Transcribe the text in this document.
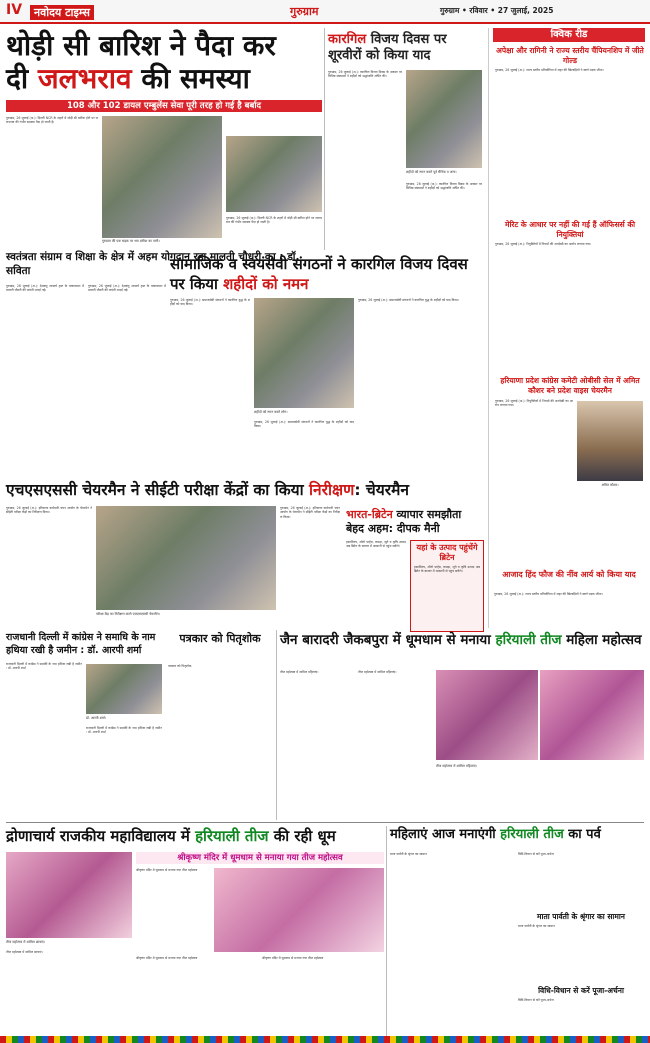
IV	नवोदय टाइम्स	गुरुग्राम	गुरुग्राम • रविवार • 27 जुलाई, 2025
थोड़ी सी बारिश ने पैदा कर
दी जलभराव की समस्या
108 और 102 डायल एम्बुलेंस सेवा पूरी तरह हो गई है बर्बाद
गुरुग्राम, 26 जुलाई (अ.): दिल्ली NCR के शहरों में थोड़ी सी बारिश होने पर जलभराव की गंभीर समस्या पैदा हो जाती है।
गुरुग्राम की एक सड़क पर भरा बारिश का पानी।
गुरुग्राम, 26 जुलाई (अ.): दिल्ली NCR के शहरों में थोड़ी सी बारिश होने पर जलभराव की गंभीर समस्या पैदा हो जाती है।
कारगिल विजय दिवस पर शूरवीरों को किया याद
गुरुग्राम, 26 जुलाई (अ.): कारगिल विजय दिवस के अवसर पर विभिन्न संस्थाओं ने शहीदों को श्रद्धांजलि अर्पित की।
शहीदों को नमन करते पूर्व सैनिक व अन्य।
गुरुग्राम, 26 जुलाई (अ.): कारगिल विजय दिवस के अवसर पर विभिन्न संस्थाओं ने शहीदों को श्रद्धांजलि अर्पित की।
स्वतंत्रता संग्राम व शिक्षा के क्षेत्र में अहम योगदान रहा मालती चौधरी का : डॉ. सविता
गुरुग्राम, 26 जुलाई (अ.): देशबंधु आचार्य ट्रस्ट के तत्वावधान में मालती चौधरी की जयंती मनाई गई।
गुरुग्राम, 26 जुलाई (अ.): देशबंधु आचार्य ट्रस्ट के तत्वावधान में मालती चौधरी की जयंती मनाई गई।
सामाजिक व स्वयंसेवी संगठनों ने कारगिल विजय दिवस पर किया शहीदों को नमन
गुरुग्राम, 26 जुलाई (अ.): समाजसेवी संगठनों ने कारगिल युद्ध के शहीदों को याद किया।
शहीदों को नमन करते लोग।
गुरुग्राम, 26 जुलाई (अ.): समाजसेवी संगठनों ने कारगिल युद्ध के शहीदों को याद किया।
गुरुग्राम, 26 जुलाई (अ.): समाजसेवी संगठनों ने कारगिल युद्ध के शहीदों को याद किया।
एचएसएससी चेयरमैन ने सीईटी परीक्षा केंद्रों का किया निरीक्षण: चेयरमैन
गुरुग्राम, 26 जुलाई (अ.): हरियाणा कर्मचारी चयन आयोग के चेयरमैन ने सीईटी परीक्षा केंद्रों का निरीक्षण किया।
परीक्षा केंद्र का निरीक्षण करते एचएसएससी चेयरमैन।
गुरुग्राम, 26 जुलाई (अ.): हरियाणा कर्मचारी चयन आयोग के चेयरमैन ने सीईटी परीक्षा केंद्रों का निरीक्षण किया।	भारत-ब्रिटेन व्यापार समझौता बेहद अहम: दीपक मैनी
हस्तशिल्प, ऑटो पार्ट्स, कपड़ा, जूते व कृषि उत्पाद अब ब्रिटेन के बाजार में आसानी से पहुंच सकेंगे।	यहां के उत्पाद पहुंचेंगे ब्रिटेन
हस्तशिल्प, ऑटो पार्ट्स, कपड़ा, जूते व कृषि उत्पाद अब ब्रिटेन के बाजार में आसानी से पहुंच सकेंगे।
राजधानी दिल्ली में कांग्रेस ने समाधि के नाम हथिया रखी है जमीन : डॉ. आरपी शर्मा
राजधानी दिल्ली में कांग्रेस ने समाधि के नाम हथिया रखी है जमीन : डॉ. आरपी शर्मा
डॉ. आरपी शर्मा।
राजधानी दिल्ली में कांग्रेस ने समाधि के नाम हथिया रखी है जमीन : डॉ. आरपी शर्मा
पत्रकार को पितृशोक
पत्रकार को पितृशोक
जैन बारादरी जैकबपुरा में धूमधाम से मनाया हरियाली तीज महिला महोत्सव
तीज महोत्सव में शामिल महिलाएं।	तीज महोत्सव में शामिल महिलाएं।
तीज महोत्सव में शामिल महिलाएं।
क्विक रीड
अपेक्षा और रागिनी ने राज्य स्तरीय चैंपियनशिप में जीते गोल्ड
गुरुग्राम, 26 जुलाई (अ.): राज्य स्तरीय प्रतियोगिता में शहर की खिलाड़ियों ने स्वर्ण पदक जीता।
मेरिट के आधार पर नहीं की गई हैं ऑफिसर्स की नियुक्तियां
गुरुग्राम, 26 जुलाई (अ.): नियुक्तियों में नियमों की अनदेखी का आरोप लगाया गया।
हरियाणा प्रदेश कांग्रेस कमेटी ओबीसी सेल में अमित कौशर बने प्रदेश वाइस चेयरमैन
गुरुग्राम, 26 जुलाई (अ.): नियुक्तियों में नियमों की अनदेखी का आरोप लगाया गया।
अमित कौशर।
आजाद हिंद फौज की नींव आर्य को किया याद
गुरुग्राम, 26 जुलाई (अ.): राज्य स्तरीय प्रतियोगिता में शहर की खिलाड़ियों ने स्वर्ण पदक जीता।
द्रोणाचार्य राजकीय महाविद्यालय में हरियाली तीज की रही धूम
तीज महोत्सव में शामिल छात्राएं।
तीज महोत्सव में शामिल छात्राएं।
श्रीकृष्ण मंदिर में धूमधाम से मनाया गया तीज महोत्सव
श्रीकृष्ण मंदिर में धूमधाम से मनाया गया तीज महोत्सव
श्रीकृष्ण मंदिर में धूमधाम से मनाया गया तीज महोत्सव	श्रीकृष्ण मंदिर में धूमधाम से मनाया गया तीज महोत्सव
महिलाएं आज मनाएंगी हरियाली तीज का पर्व
माता पार्वती के श्रृंगार का सामान	विधि-विधान से करें पूजा-अर्चना
माता पार्वती के श्रृंगार का सामान
माता पार्वती के श्रृंगार का सामान
विधि-विधान से करें पूजा-अर्चना
विधि-विधान से करें पूजा-अर्चना
